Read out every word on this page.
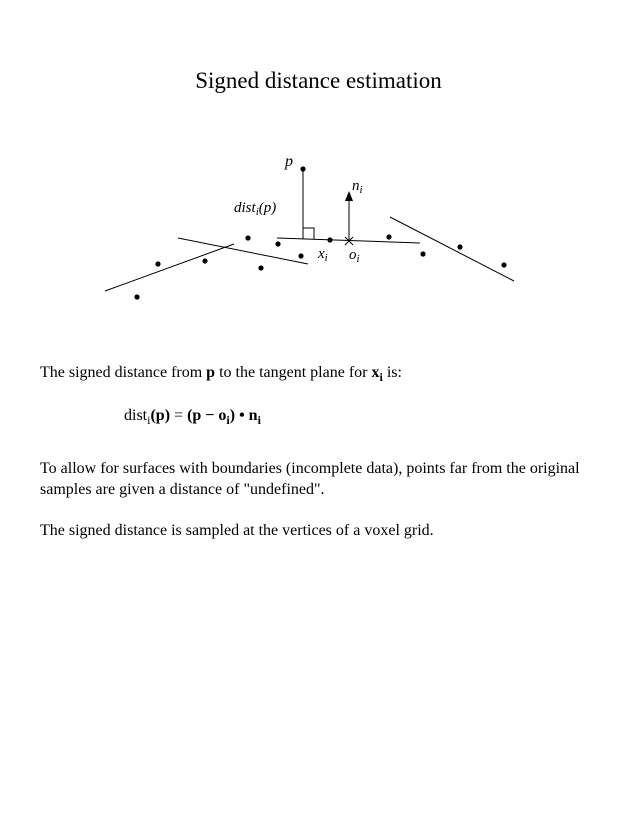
Signed distance estimation
p
$n_i$
dist$_i$(p)
$x_i$ $o_i$

The signed distance from p to the tangent plane for $x_i$ is:

dist$_i$(p) = $(p - o_i)$ • $n_i$

To allow for surfaces with boundaries (incomplete data), points far from the original samples are given a distance of "undefined".

The signed distance is sampled at the vertices of a voxel grid.
